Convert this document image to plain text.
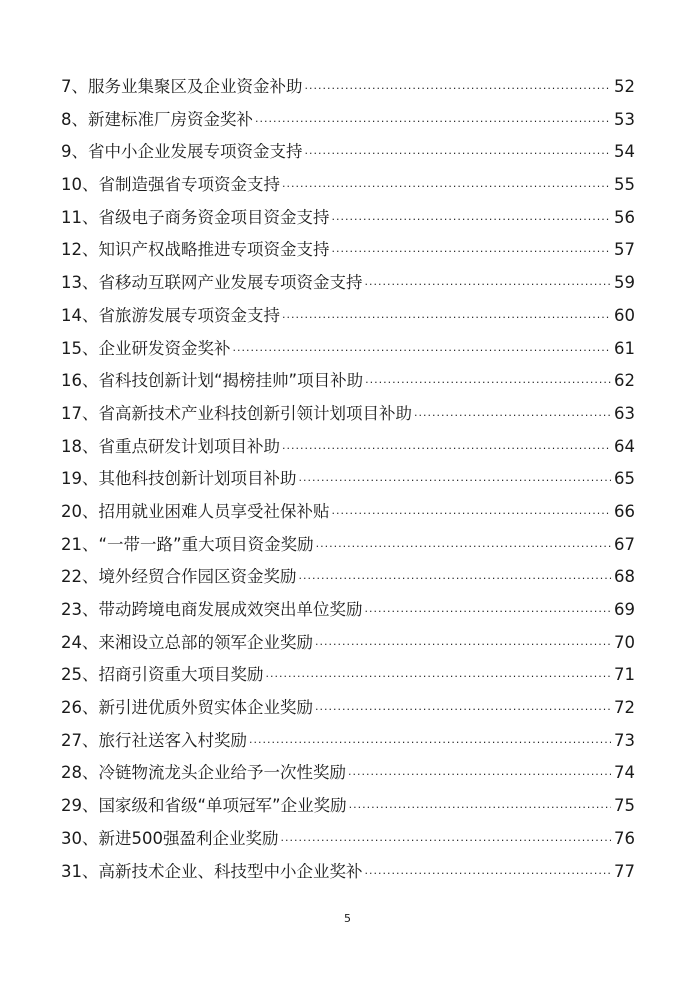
7、服务业集聚区及企业资金补助 ·····	52
8、新建标准厂房资金奖补 ·····	53
9、省中小企业发展专项资金支持 ·····	54
10、省制造强省专项资金支持 ·····	55
11、省级电子商务资金项目资金支持 ·····	56
12、知识产权战略推进专项资金支持 ·····	57
13、省移动互联网产业发展专项资金支持 ·····	59
14、省旅游发展专项资金支持 ·····	60
15、企业研发资金奖补 ·····	61
16、省科技创新计划“揭榜挂帅”项目补助 ·····	62
17、省高新技术产业科技创新引领计划项目补助 ·····	63
18、省重点研发计划项目补助 ·····	64
19、其他科技创新计划项目补助 ·····	65
20、招用就业困难人员享受社保补贴 ·····	66
21、“一带一路”重大项目资金奖励 ·····	67
22、境外经贸合作园区资金奖励 ·····	68
23、带动跨境电商发展成效突出单位奖励 ·····	69
24、来湘设立总部的领军企业奖励 ·····	70
25、招商引资重大项目奖励 ·····	71
26、新引进优质外贸实体企业奖励 ·····	72
27、旅行社送客入村奖励 ·····	73
28、冷链物流龙头企业给予一次性奖励 ·····	74
29、国家级和省级“单项冠军”企业奖励 ·····	75
30、新进500强盈利企业奖励 ·····	76
31、高新技术企业、科技型中小企业奖补 ·····	77
5
